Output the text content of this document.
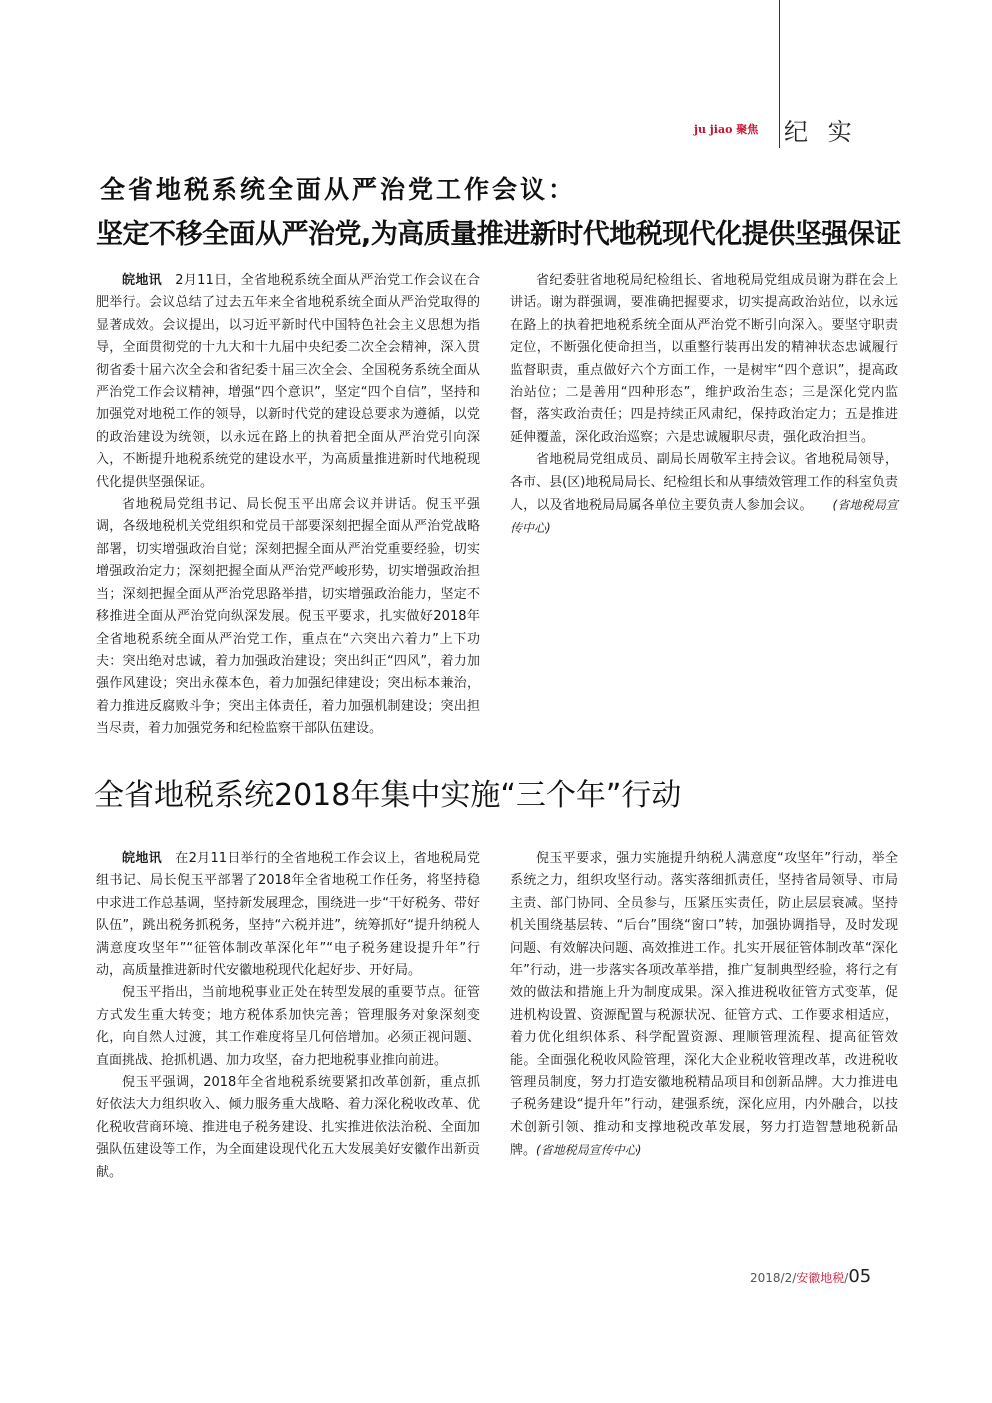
ju jiao 聚焦 纪 实
全省地税系统全面从严治党工作会议：
坚定不移全面从严治党,为高质量推进新时代地税现代化提供坚强保证

皖地讯　 2月11日，全省地税系统全面从严治党工作会议在合肥举行。会议总结了过去五年来全省地税系统全面从严治党取得的显著成效。会议提出，以习近平新时代中国特色社会主义思想为指导，全面贯彻党的十九大和十九届中央纪委二次全会精神，深入贯彻省委十届六次全会和省纪委十届三次全会、全国税务系统全面从严治党工作会议精神，增强“四个意识”，坚定“四个自信”，坚持和加强党对地税工作的领导，以新时代党的建设总要求为遵循，以党的政治建设为统领，以永远在路上的执着把全面从严治党引向深入，不断提升地税系统党的建设水平，为高质量推进新时代地税现代化提供坚强保证。

省地税局党组书记、局长倪玉平出席会议并讲话。倪玉平强调，各级地税机关党组织和党员干部要深刻把握全面从严治党战略部署，切实增强政治自觉；深刻把握全面从严治党重要经验，切实增强政治定力；深刻把握全面从严治党严峻形势，切实增强政治担当；深刻把握全面从严治党思路举措，切实增强政治能力，坚定不移推进全面从严治党向纵深发展。倪玉平要求，扎实做好2018年全省地税系统全面从严治党工作，重点在“六突出六着力”上下功夫：突出绝对忠诚，着力加强政治建设；突出纠正“四风”，着力加强作风建设；突出永葆本色，着力加强纪律建设；突出标本兼治，着力推进反腐败斗争；突出主体责任，着力加强机制建设；突出担当尽责，着力加强党务和纪检监察干部队伍建设。

省纪委驻省地税局纪检组长、省地税局党组成员谢为群在会上讲话。谢为群强调，要准确把握要求，切实提高政治站位，以永远在路上的执着把地税系统全面从严治党不断引向深入。要坚守职责定位，不断强化使命担当，以重整行装再出发的精神状态忠诚履行监督职责，重点做好六个方面工作，一是树牢“四个意识”，提高政治站位；二是善用“四种形态”，维护政治生态；三是深化党内监督，落实政治责任；四是持续正风肃纪，保持政治定力；五是推进延伸覆盖，深化政治巡察；六是忠诚履职尽责，强化政治担当。

省地税局党组成员、副局长周敬军主持会议。省地税局领导，各市、县(区)地税局局长、纪检组长和从事绩效管理工作的科室负责人，以及省地税局局属各单位主要负责人参加会议。　　 (省地税局宣传中心)

全省地税系统2018年集中实施“三个年”行动

皖地讯　 在2月11日举行的全省地税工作会议上，省地税局党组书记、局长倪玉平部署了2018年全省地税工作任务，将坚持稳中求进工作总基调，坚持新发展理念，围绕进一步“干好税务、带好队伍”，跳出税务抓税务，坚持“六税并进”，统筹抓好“提升纳税人满意度攻坚年”“征管体制改革深化年”“电子税务建设提升年”行动，高质量推进新时代安徽地税现代化起好步、开好局。

倪玉平指出，当前地税事业正处在转型发展的重要节点。征管方式发生重大转变；地方税体系加快完善；管理服务对象深刻变化，向自然人过渡，其工作难度将呈几何倍增加。必须正视问题、直面挑战、抢抓机遇、加力攻坚，奋力把地税事业推向前进。

倪玉平强调，2018年全省地税系统要紧扣改革创新，重点抓好依法大力组织收入、倾力服务重大战略、着力深化税收改革、优化税收营商环境、推进电子税务建设、扎实推进依法治税、全面加强队伍建设等工作，为全面建设现代化五大发展美好安徽作出新贡献。

倪玉平要求，强力实施提升纳税人满意度“攻坚年”行动，举全系统之力，组织攻坚行动。落实落细抓责任，坚持省局领导、市局主责、部门协同、全员参与，压紧压实责任，防止层层衰减。坚持机关围绕基层转、“后台”围绕“窗口”转，加强协调指导，及时发现问题、有效解决问题、高效推进工作。扎实开展征管体制改革“深化年”行动，进一步落实各项改革举措，推广复制典型经验，将行之有效的做法和措施上升为制度成果。深入推进税收征管方式变革，促进机构设置、资源配置与税源状况、征管方式、工作要求相适应，着力优化组织体系、科学配置资源、理顺管理流程、提高征管效能。全面强化税收风险管理，深化大企业税收管理改革，改进税收管理员制度，努力打造安徽地税精品项目和创新品牌。大力推进电子税务建设“提升年”行动，建强系统，深化应用，内外融合，以技术创新引领、推动和支撑地税改革发展，努力打造智慧地税新品牌。(省地税局宣传中心)

2018/2/安徽地税/05
